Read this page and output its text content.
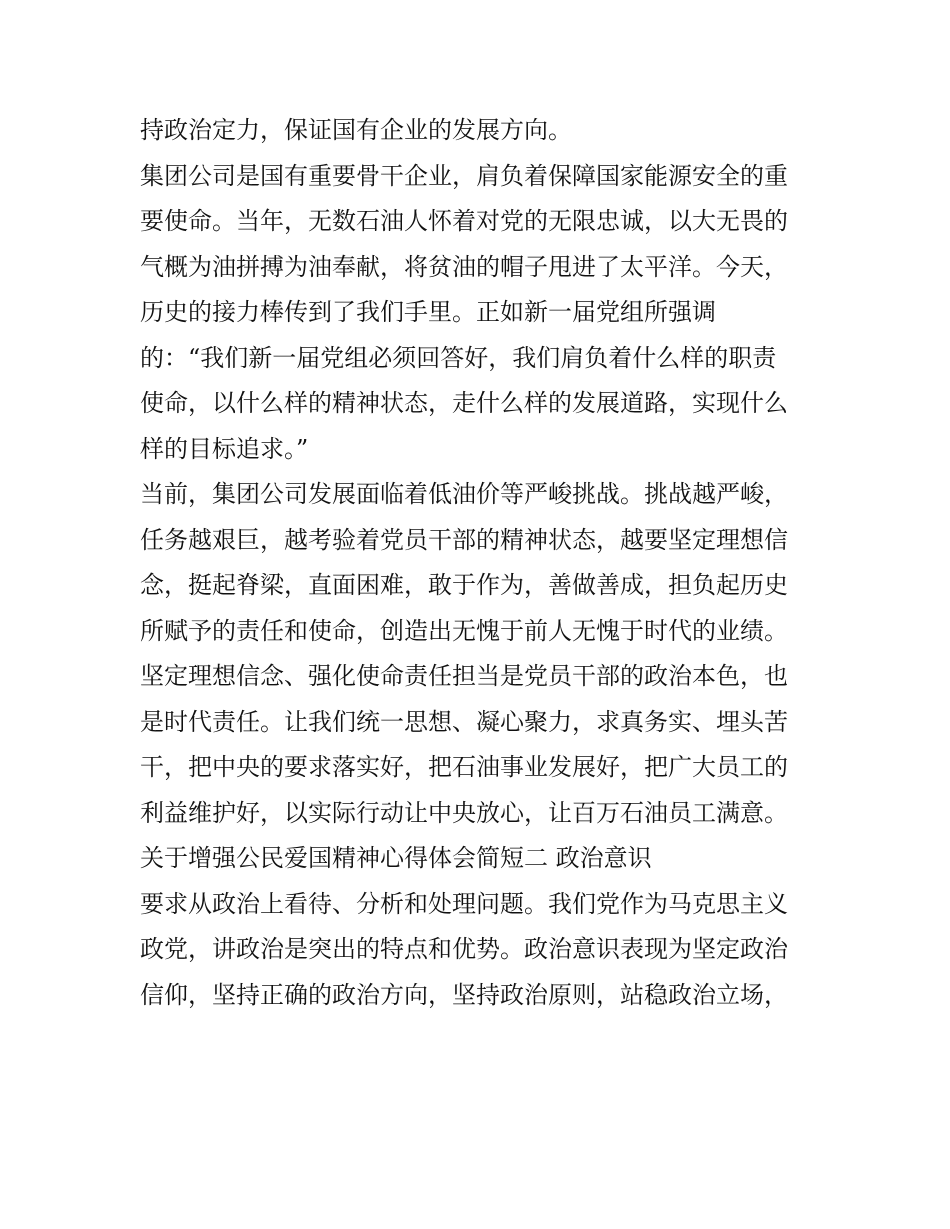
持政治定力，保证国有企业的发展方向。
集团公司是国有重要骨干企业，肩负着保障国家能源安全的重
要使命。当年，无数石油人怀着对党的无限忠诚，以大无畏的
气概为油拼搏为油奉献，将贫油的帽子甩进了太平洋。今天，
历史的接力棒传到了我们手里。正如新一届党组所强调
的：“我们新一届党组必须回答好，我们肩负着什么样的职责
使命，以什么样的精神状态，走什么样的发展道路，实现什么
样的目标追求。”
当前，集团公司发展面临着低油价等严峻挑战。挑战越严峻，
任务越艰巨，越考验着党员干部的精神状态，越要坚定理想信
念，挺起脊梁，直面困难，敢于作为，善做善成，担负起历史
所赋予的责任和使命，创造出无愧于前人无愧于时代的业绩。
坚定理想信念、强化使命责任担当是党员干部的政治本色，也
是时代责任。让我们统一思想、凝心聚力，求真务实、埋头苦
干，把中央的要求落实好，把石油事业发展好，把广大员工的
利益维护好，以实际行动让中央放心，让百万石油员工满意。
关于增强公民爱国精神心得体会简短二 政治意识
要求从政治上看待、分析和处理问题。我们党作为马克思主义
政党，讲政治是突出的特点和优势。政治意识表现为坚定政治
信仰，坚持正确的政治方向，坚持政治原则，站稳政治立场，
